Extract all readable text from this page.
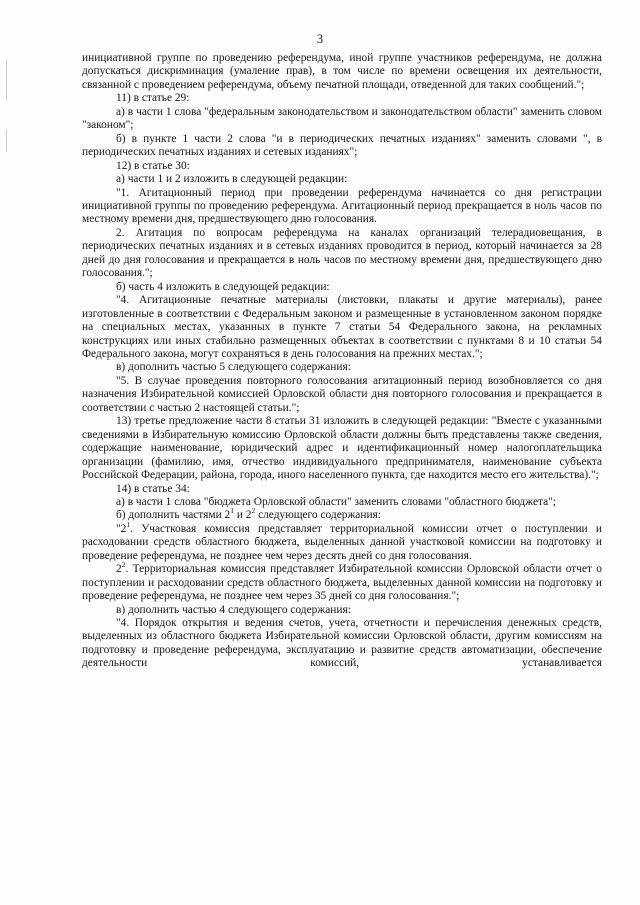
3

инициативной группе по проведению референдума, иной группе участников референдума, не должна допускаться дискриминация (умаление прав), в том числе по времени освещения их деятельности, связанной с проведением референдума, объему печатной площади, отведенной для таких сообщений.";

11) в статье 29:

а) в части 1 слова "федеральным законодательством и законодательством области" заменить словом "законом";

б) в пункте 1 части 2 слова "и в периодических печатных изданиях" заменить словами ", в периодических печатных изданиях и сетевых изданиях";

12) в статье 30:

а) части 1 и 2 изложить в следующей редакции:

"1. Агитационный период при проведении референдума начинается со дня регистрации инициативной группы по проведению референдума. Агитационный период прекращается в ноль часов по местному времени дня, предшествующего дню голосования.

2. Агитация по вопросам референдума на каналах организаций телерадиовещания, в периодических печатных изданиях и в сетевых изданиях проводится в период, который начинается за 28 дней до дня голосования и прекращается в ноль часов по местному времени дня, предшествующего дню голосования.";

б) часть 4 изложить в следующей редакции:

"4. Агитационные печатные материалы (листовки, плакаты и другие материалы), ранее изготовленные в соответствии с Федеральным законом и размещенные в установленном законом порядке на специальных местах, указанных в пункте 7 статьи 54 Федерального закона, на рекламных конструкциях или иных стабильно размещенных объектах в соответствии с пунктами 8 и 10 статьи 54 Федерального закона, могут сохраняться в день голосования на прежних местах.";

в) дополнить частью 5 следующего содержания:

"5. В случае проведения повторного голосования агитационный период возобновляется со дня назначения Избирательной комиссией Орловской области дня повторного голосования и прекращается в соответствии с частью 2 настоящей статьи.";

13) третье предложение части 8 статьи 31 изложить в следующей редакции: "Вместе с указанными сведениями в Избирательную комиссию Орловской области должны быть представлены также сведения, содержащие наименование, юридический адрес и идентификационный номер налогоплательщика организации (фамилию, имя, отчество индивидуального предпринимателя, наименование субъекта Российской Федерации, района, города, иного населенного пункта, где находится место его жительства).";

14) в статье 34:

а) в части 1 слова "бюджета Орловской области" заменить словами "областного бюджета";

б) дополнить частями $2^1$ и $2^2$ следующего содержания:

"$2^1$. Участковая комиссия представляет территориальной комиссии отчет о поступлении и расходовании средств областного бюджета, выделенных данной участковой комиссии на подготовку и проведение референдума, не позднее чем через десять дней со дня голосования.

$2^2$. Территориальная комиссия представляет Избирательной комиссии Орловской области отчет о поступлении и расходовании средств областного бюджета, выделенных данной комиссии на подготовку и проведение референдума, не позднее чем через 35 дней со дня голосования.";

в) дополнить частью 4 следующего содержания:

"4. Порядок открытия и ведения счетов, учета, отчетности и перечисления денежных средств, выделенных из областного бюджета Избирательной комиссии Орловской области, другим комиссиям на подготовку и проведение референдума, эксплуатацию и развитие средств автоматизации, обеспечение деятельности комиссий, устанавливается
